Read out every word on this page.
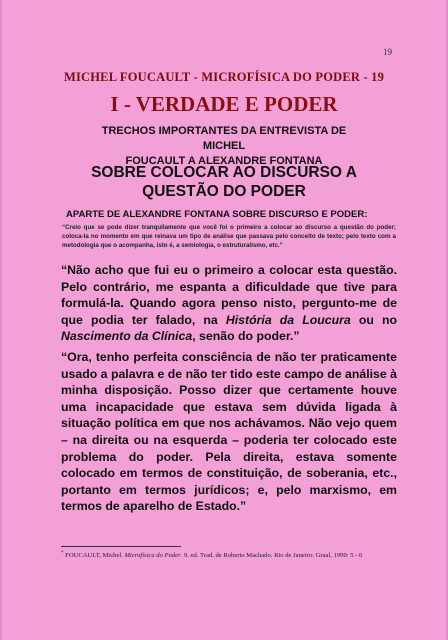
19
MICHEL FOUCAULT - MICROFÍSICA DO PODER - 19
I - VERDADE E PODER
TRECHOS IMPORTANTES DA ENTREVISTA DE MICHEL
FOUCAULT A ALEXANDRE FONTANA
SOBRE COLOCAR AO DISCURSO A
QUESTÃO DO PODER
APARTE DE ALEXANDRE FONTANA SOBRE DISCURSO E PODER:
“Creio que se pode dizer tranquilamente que você foi o primeiro a colocar ao discurso a questão do poder; coloca-la no momento em que reinava um tipo de análise que passava pelo conceito de texto; pelo texto com a metodologia que o acompanha, isto é, a semiologia, o estruturalismo, etc.”
“Não acho que fui eu o primeiro a colocar esta questão. Pelo contrário, me espanta a dificuldade que tive para formulá-la. Quando agora penso nisto, pergunto-me de que podia ter falado, na História da Loucura ou no Nascimento da Clínica, senão do poder.”
“Ora, tenho perfeita consciência de não ter praticamente usado a palavra e de não ter tido este campo de análise à minha disposição. Posso dizer que certamente houve uma incapacidade que estava sem dúvida ligada à situação política em que nos achávamos. Não vejo quem – na direita ou na esquerda – poderia ter colocado este problema do poder. Pela direita, estava somente colocado em termos de constituição, de soberania, etc., portanto em termos jurídicos; e, pelo marxismo, em termos de aparelho de Estado.”
* FOUCAULT, Michel. Microfísica do Poder. 9. ed. Trad. de Roberto Machado. Rio de Janeiro: Graal, 1990: 5 - 6
